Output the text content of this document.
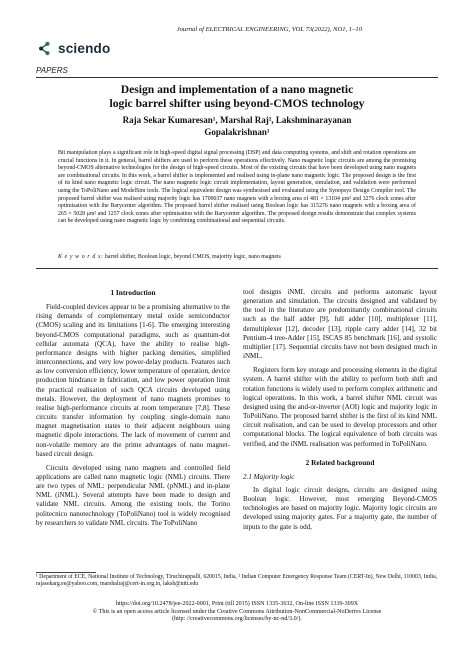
sciendo
Journal of ELECTRICAL ENGINEERING, VOL 73(2022), NO1, 1–10
PAPERS
Design and implementation of a nano magnetic
logic barrel shifter using beyond-CMOS technology
Raja Sekar Kumaresan¹, Marshal Raj², Lakshminarayanan Gopalakrishnan¹

Bit manipulation plays a significant role in high-speed digital signal processing (DSP) and data computing systems, and shift and rotation operations are crucial functions in it. In general, barrel shifters are used to perform these operations effectively. Nano magnetic logic circuits are among the promising beyond-CMOS alternative technologies for the design of high-speed circuits. Most of the existing circuits that have been developed using nano magnets are combinational circuits. In this work, a barrel shifter is implemented and realised using in-plane nano magnetic logic. The proposed design is the first of its kind nano magnetic logic circuit. The nano magnetic logic circuit implementation, layout generation, simulation, and validation were performed using the ToPoliNano and ModelSim tools. The logical equivalent design was synthesised and evaluated using the Synopsys Design Compiler tool. The proposed barrel shifter was realised using majority logic has 1709037 nano magnets with a boxing area of 481 × 13104 μm² and 3276 clock zones after optimisation with the Barycenter algorithm. The proposed barrel shifter realised using Boolean logic has 315276 nano magnets with a boxing area of 265 × 5028 μm² and 1257 clock zones after optimisation with the Barycenter algorithm. The proposed design results demonstrate that complex systems can be developed using nano magnetic logic by combining combinational and sequential circuits.

K e y w o r d s: barrel shifter, Boolean logic, beyond CMOS, majority logic, nano magnets
1 Introduction

Field-coupled devices appear to be a promising alternative to the rising demands of complementary metal oxide semiconductor (CMOS) scaling and its limitations [1-6]. The emerging interesting beyond-CMOS computational paradigms, such as quantum-dot cellular automata (QCA), have the ability to realise high-performance designs with higher packing densities, simplified interconnections, and very low power-delay products. Features such as low conversion efficiency, lower temperature of operation, device production hindrance in fabrication, and low power operation limit the practical realisation of such QCA circuits developed using metals. However, the deployment of nano magnets promises to realise high-performance circuits at room temperature [7,8]. These circuits transfer information by coupling single-domain nano magnet magnetisation states to their adjacent neighbours using magnetic dipole interactions. The lack of movement of current and non-volatile memory are the prime advantages of nano magnet-based circuit design.

Circuits developed using nano magnets and controlled field applications are called nano magnetic logic (NML) circuits. There are two types of NML: perpendicular NML (pNML) and in-plane NML (iNML). Several attempts have been made to design and validate NML circuits. Among the existing tools, the Torino politecnico nanotechnology (ToPoliNano) tool is widely recognised by researchers to validate NML circuits. The ToPoliNano

tool designs iNML circuits and performs automatic layout generation and simulation. The circuits designed and validated by the tool in the literature are predominantly combinational circuits such as the half adder [9], full adder [10], multiplexer [11], demultiplexer [12], decoder [13], ripple carry adder [14], 32 bit Pentium-4 tree-Adder [15], ISCAS 85 benchmark [16], and systolic multiplier [17]. Sequential circuits have not been designed much in iNML.

Registers form key storage and processing elements in the digital system. A barrel shifter with the ability to perform both shift and rotation functions is widely used to perform complex arithmetic and logical operations. In this work, a barrel shifter NML circuit was designed using the and-or-inverter (AOI) logic and majority logic in ToPoliNano. The proposed barrel shifter is the first of its kind NML circuit realisation, and can be used to develop processors and other computational blocks. The logical equivalence of both circuits was verified, and the iNML realisation was performed in ToPoliNano.

2 Related background
2.1 Majority logic

In digital logic circuit designs, circuits are designed using Boolean logic. However, most emerging Beyond-CMOS technologies are based on majority logic. Majority logic circuits are developed using majority gates. For a majority gate, the number of inputs to the gate is odd,

¹ Department of ECE, National Institute of Technology, Tiruchirappalli, 620015, India, ² Indian Computer Emergency Response Team (CERT-In), New Delhi, 110003, India, rajasekarg.ee@yahoo.com, marshalraj@cert-in.org.in, laksh@nitt.edu
https://doi.org/10.2478/jee-2022-0001, Print (till 2015) ISSN 1335-3632, On-line ISSN 1339-309X
© This is an open access article licensed under the Creative Commons Attribution-NonCommercial-NoDerivs License
(http: //creativecommons.org/licenses/by-nc-nd/3.0/).
